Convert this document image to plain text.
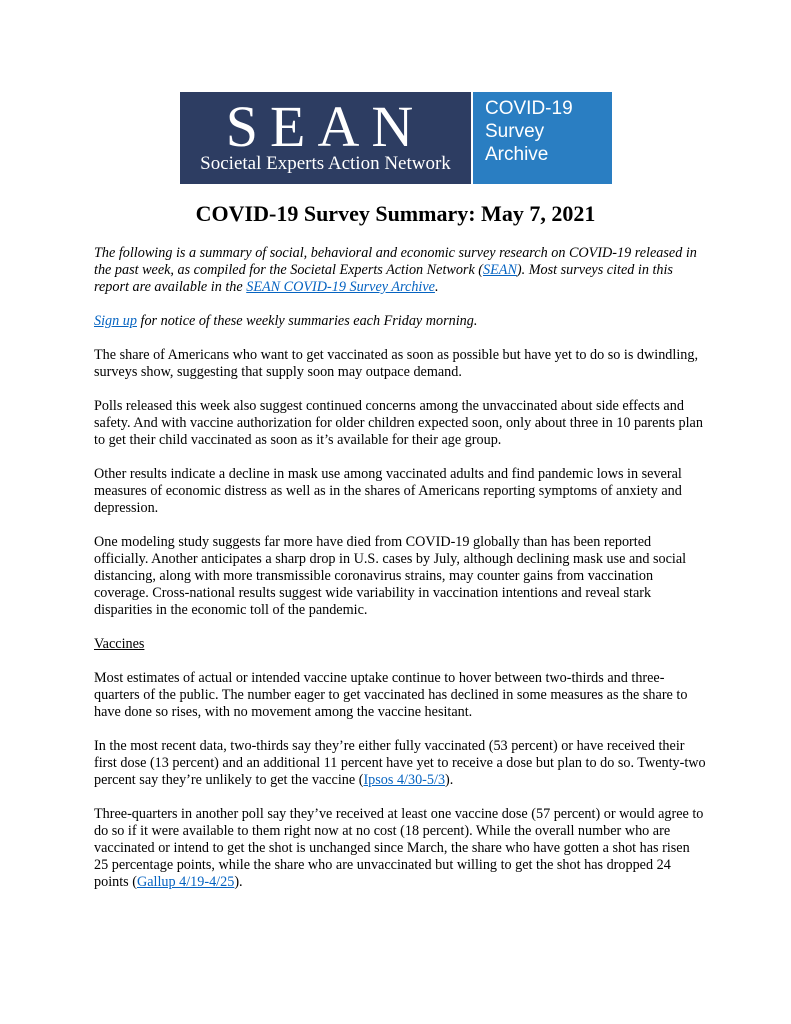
SEAN
Societal Experts Action Network
COVID-19
Survey
Archive
COVID-19 Survey Summary: May 7, 2021

The following is a summary of social, behavioral and economic survey research on COVID-19 released in the past week, as compiled for the Societal Experts Action Network (SEAN). Most surveys cited in this report are available in the SEAN COVID-19 Survey Archive.

Sign up for notice of these weekly summaries each Friday morning.

The share of Americans who want to get vaccinated as soon as possible but have yet to do so is dwindling, surveys show, suggesting that supply soon may outpace demand.

Polls released this week also suggest continued concerns among the unvaccinated about side effects and safety. And with vaccine authorization for older children expected soon, only about three in 10 parents plan to get their child vaccinated as soon as it’s available for their age group.

Other results indicate a decline in mask use among vaccinated adults and find pandemic lows in several measures of economic distress as well as in the shares of Americans reporting symptoms of anxiety and depression.

One modeling study suggests far more have died from COVID-19 globally than has been reported officially. Another anticipates a sharp drop in U.S. cases by July, although declining mask use and social distancing, along with more transmissible coronavirus strains, may counter gains from vaccination coverage. Cross-national results suggest wide variability in vaccination intentions and reveal stark disparities in the economic toll of the pandemic.

Vaccines

Most estimates of actual or intended vaccine uptake continue to hover between two-thirds and three-quarters of the public. The number eager to get vaccinated has declined in some measures as the share to have done so rises, with no movement among the vaccine hesitant.

In the most recent data, two-thirds say they’re either fully vaccinated (53 percent) or have received their first dose (13 percent) and an additional 11 percent have yet to receive a dose but plan to do so. Twenty-two percent say they’re unlikely to get the vaccine (Ipsos 4/30-5/3).

Three-quarters in another poll say they’ve received at least one vaccine dose (57 percent) or would agree to do so if it were available to them right now at no cost (18 percent). While the overall number who are vaccinated or intend to get the shot is unchanged since March, the share who have gotten a shot has risen 25 percentage points, while the share who are unvaccinated but willing to get the shot has dropped 24 points (Gallup 4/19-4/25).
